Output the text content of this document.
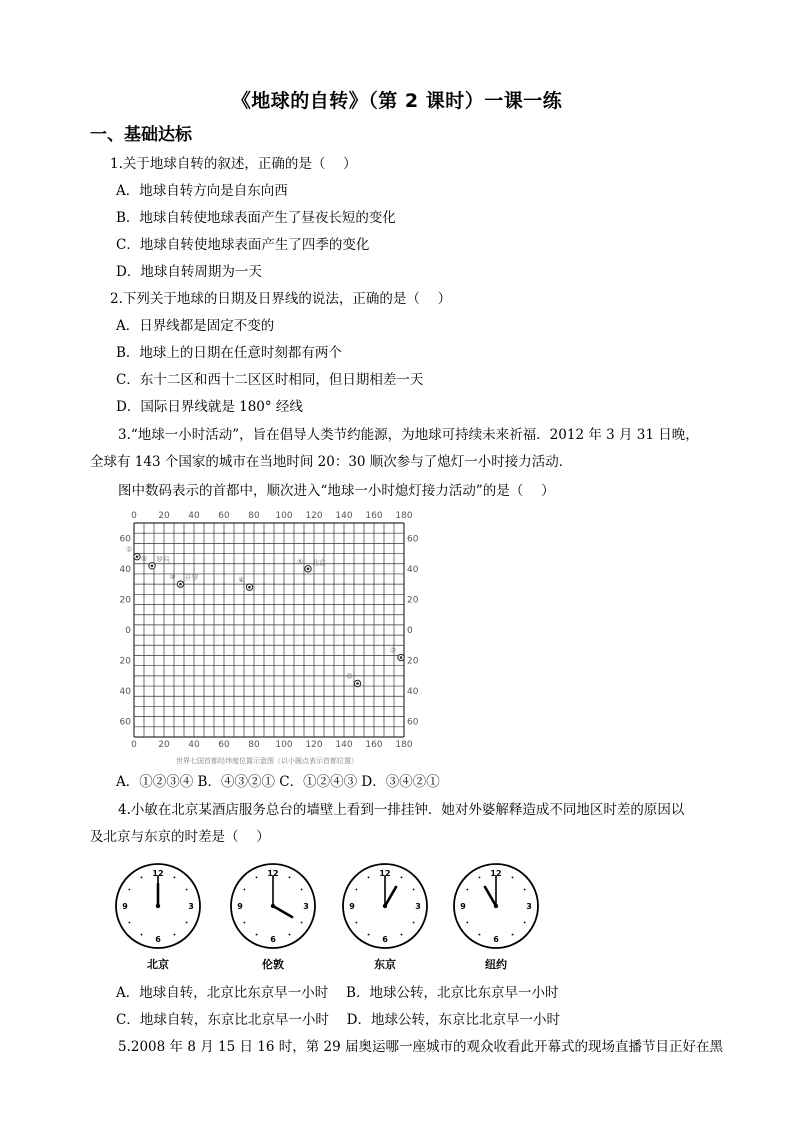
《地球的自转》（第 2 课时）一课一练
一、基础达标
1.关于地球自转的叙述，正确的是（　 ）
A．地球自转方向是自东向西
B．地球自转使地球表面产生了昼夜长短的变化
C．地球自转使地球表面产生了四季的变化
D．地球自转周期为一天
2.下列关于地球的日期及日界线的说法，正确的是（　 ）
A．日界线都是固定不变的
B．地球上的日期在任意时刻都有两个
C．东十二区和西十二区区时相同，但日期相差一天
D．国际日界线就是 180° 经线
3.“地球一小时活动”，旨在倡导人类节约能源，为地球可持续未来祈福．2012 年 3 月 31 日晚，
全球有 143 个国家的城市在当地时间 20：30 顺次参与了熄灯一小时接力活动．
图中数码表示的首都中，顺次进入“地球一小时熄灯接力活动”的是（　 ）
0 20 40 60 80 100 120 140 160 180
0 20 40 60 80 100 120 140 160 180
60
40
20
0
20
40
60
60
40
20
0
20
40
60
①
② 罗马
③ 开罗	④
⑤ 北京
⑥
⑦
世界七国首都经纬度位置示意图（以小圆点表示首都位置）
A．①②③④ B．④③②① C．①②④③ D．③④②①
4.小敏在北京某酒店服务总台的墙壁上看到一排挂钟．她对外婆解释造成不同地区时差的原因以
及北京与东京的时差是（　 ）
12
3
6
9
12
3
6
9
12
3
6
9
12
3
6
9
北京	伦敦	东京	纽约
A．地球自转，北京比东京早一小时　 B．地球公转，北京比东京早一小时
C．地球自转，东京比北京早一小时　 D．地球公转，东京比北京早一小时
5.2008 年 8 月 15 日 16 时，第 29 届奥运哪一座城市的观众收看此开幕式的现场直播节目正好在黑
